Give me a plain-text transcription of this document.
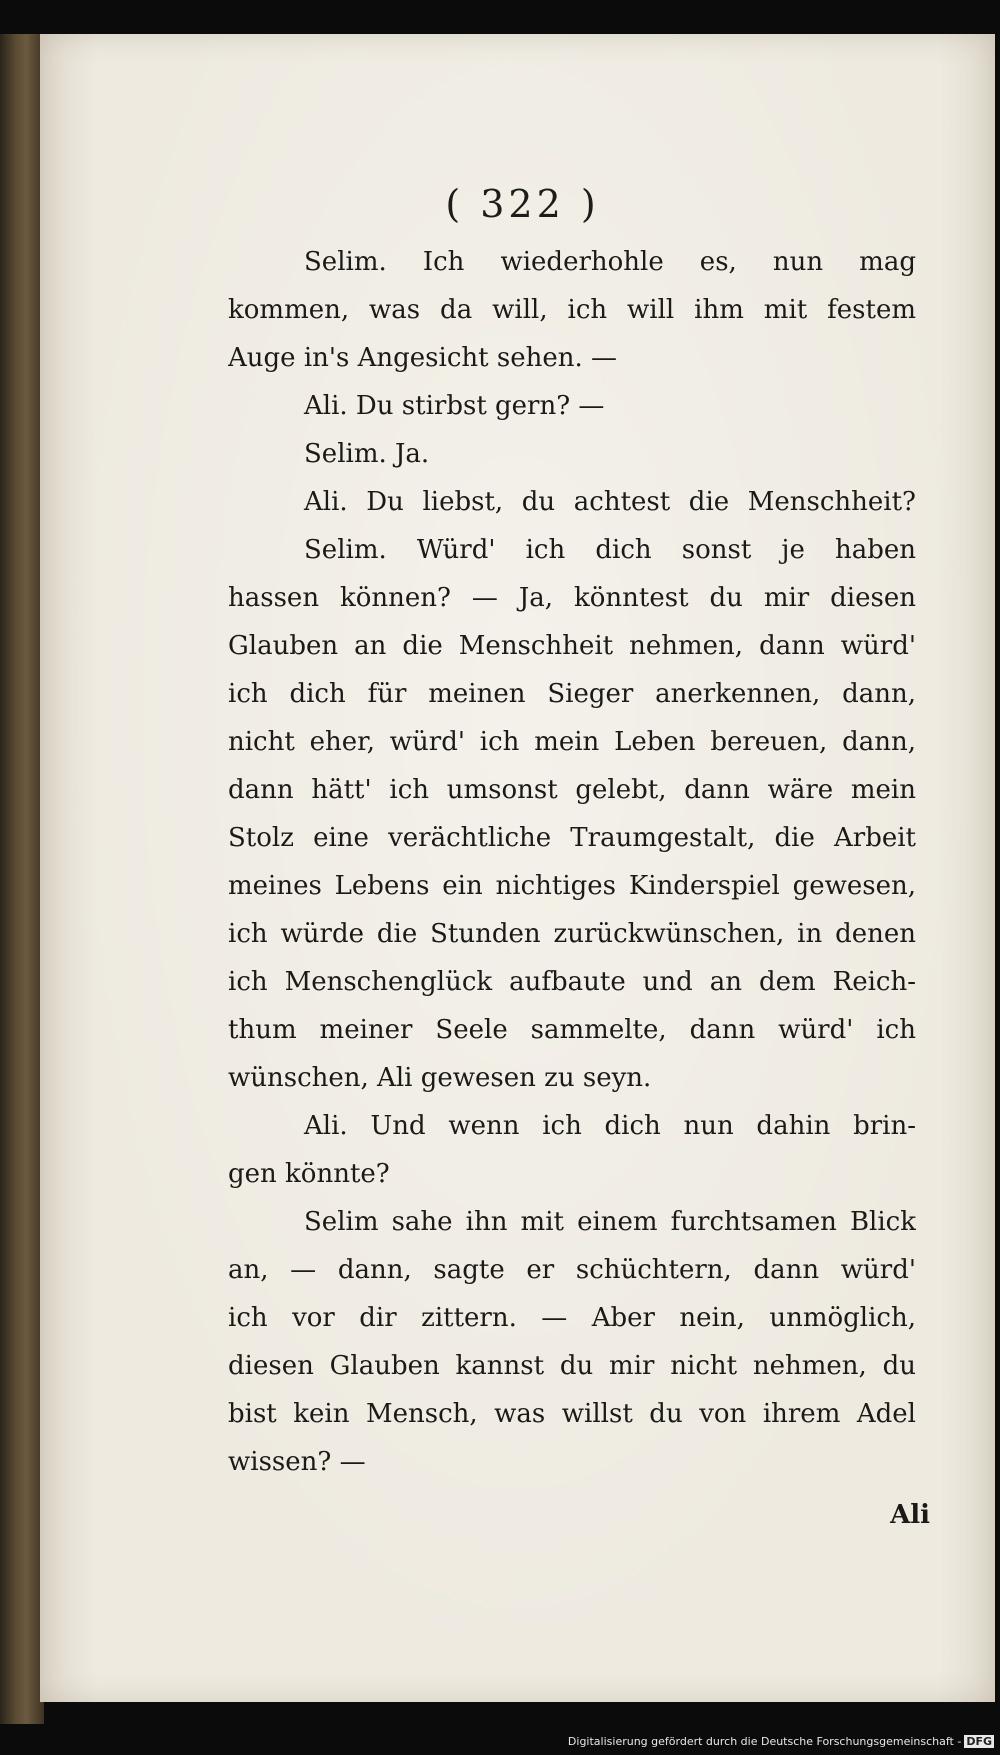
( 322 )
Selim. Ich wiederhohle es, nun mag
kommen, was da will, ich will ihm mit festem
Auge in's Angesicht sehen. —
Ali. Du stirbst gern? —
Selim. Ja.
Ali. Du liebst, du achtest die Menschheit?
Selim. Würd' ich dich sonst je haben
hassen können? — Ja, könntest du mir diesen
Glauben an die Menschheit nehmen, dann würd'
ich dich für meinen Sieger anerkennen, dann,
nicht eher, würd' ich mein Leben bereuen, dann,
dann hätt' ich umsonst gelebt, dann wäre mein
Stolz eine verächtliche Traumgestalt, die Arbeit
meines Lebens ein nichtiges Kinderspiel gewesen,
ich würde die Stunden zurückwünschen, in denen
ich Menschenglück aufbaute und an dem Reich-
thum meiner Seele sammelte, dann würd' ich
wünschen, Ali gewesen zu seyn.
Ali. Und wenn ich dich nun dahin brin-
gen könnte?
Selim sahe ihn mit einem furchtsamen Blick
an, — dann, sagte er schüchtern, dann würd'
ich vor dir zittern. — Aber nein, unmöglich,
diesen Glauben kannst du mir nicht nehmen, du
bist kein Mensch, was willst du von ihrem Adel
wissen? —
Ali
Digitalisierung gefördert durch die Deutsche Forschungsgemeinschaft - DFG
